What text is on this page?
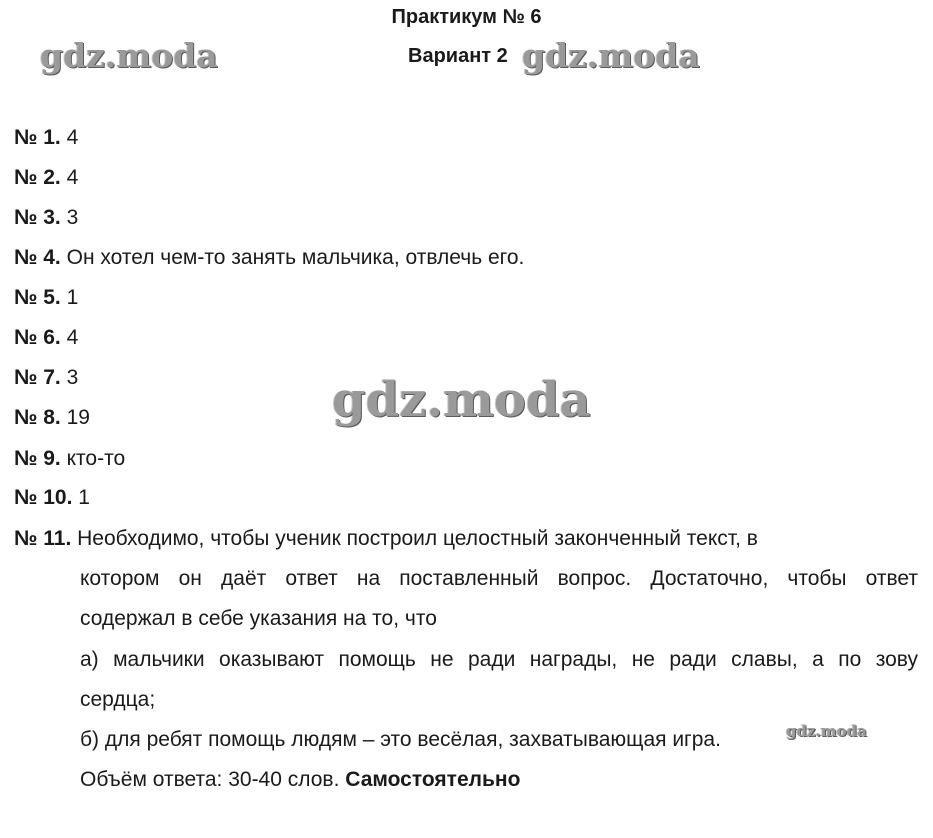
Практикум № 6
Вариант 2
gdz.moda	gdz.moda
gdz.moda
№ 1. 4
№ 2. 4
№ 3. 3
№ 4. Он хотел чем-то занять мальчика, отвлечь его.
№ 5. 1
№ 6. 4
№ 7. 3
№ 8. 19
№ 9. кто-то
№ 10. 1
№ 11. Необходимо, чтобы ученик построил целостный законченный текст, в
котором он даёт ответ на поставленный вопрос. Достаточно, чтобы ответ
содержал в себе указания на то, что
а) мальчики оказывают помощь не ради награды, не ради славы, а по зову
сердца;
б) для ребят помощь людям – это весёлая, захватывающая игра.
Объём ответа: 30-40 слов. Самостоятельно
gdz.moda
